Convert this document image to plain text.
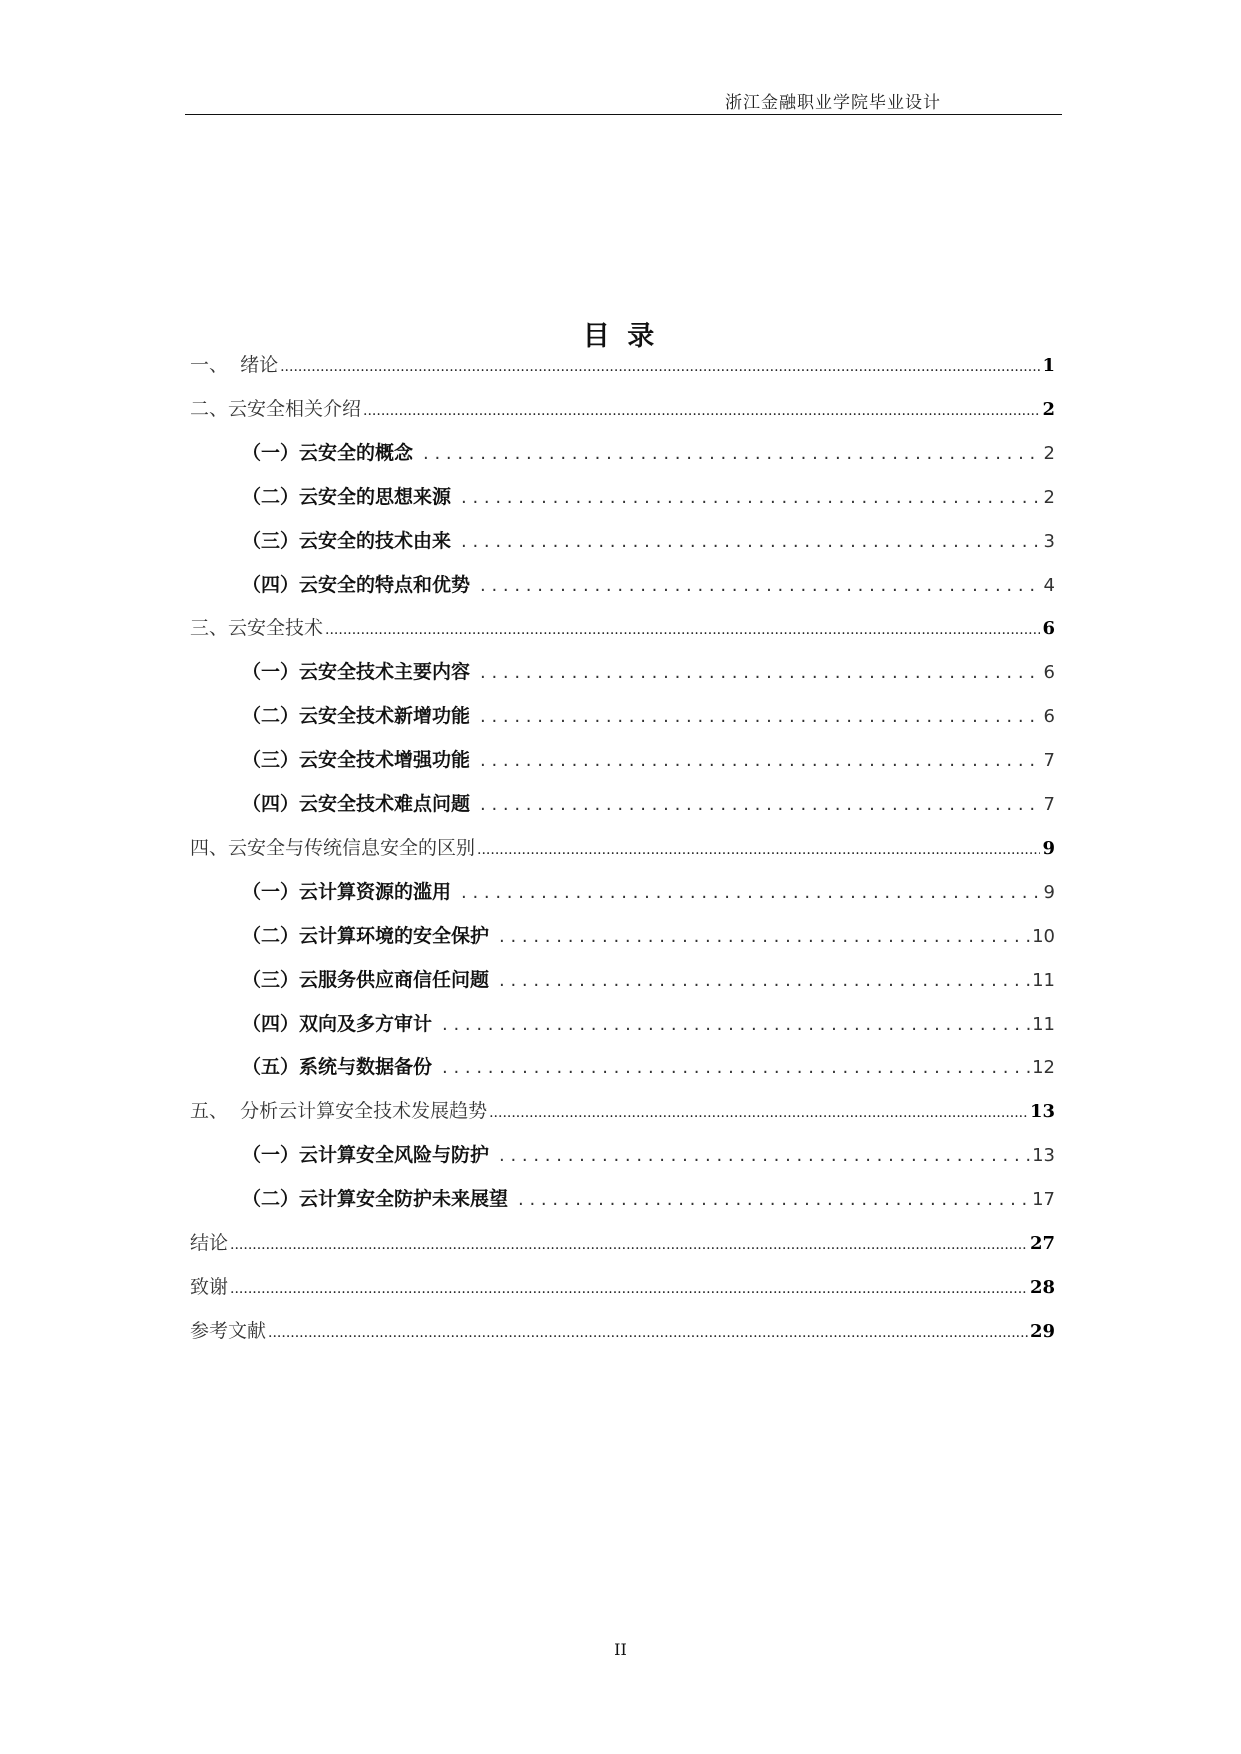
浙江金融职业学院毕业设计
目 录
一、 绪论 .....	1
二、 云安全相关介绍 .....	2
（一） 云安全的概念 . . .	2
（二） 云安全的思想来源 . . .	2
（三） 云安全的技术由来 . . .	3
（四） 云安全的特点和优势 . . .	4
三、 云安全技术 .....	6
（一） 云安全技术主要内容 . . .	6
（二） 云安全技术新增功能 . . .	6
（三） 云安全技术增强功能 . . .	7
（四） 云安全技术难点问题 . . .	7
四、 云安全与传统信息安全的区别 .....	9
（一） 云计算资源的滥用 . . .	9
（二） 云计算环境的安全保护 . . .	10
（三） 云服务供应商信任问题 . . .	11
（四） 双向及多方审计 . . .	11
（五） 系统与数据备份 . . .	12
五、 分析云计算安全技术发展趋势 .....	13
（一） 云计算安全风险与防护 . . .	13
（二） 云计算安全防护未来展望 . . .	17
结论 .....	27
致谢 .....	28
参考文献 .....	29
II
